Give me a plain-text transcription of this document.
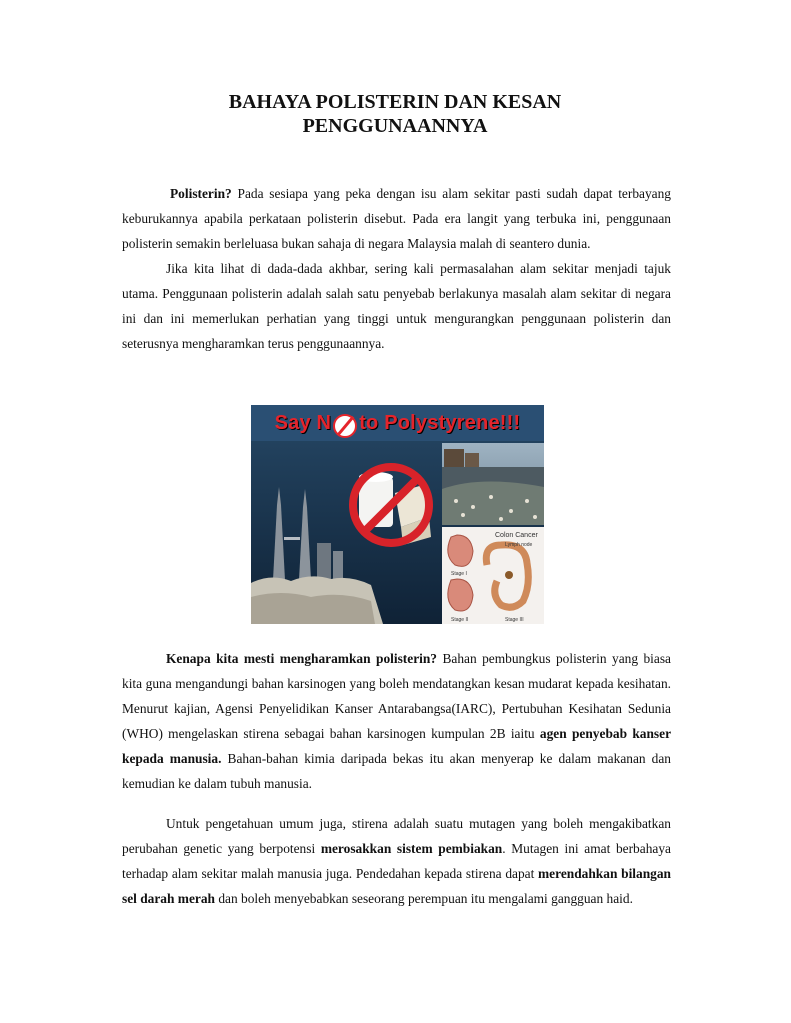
BAHAYA POLISTERIN DAN KESAN
PENGGUNAANNYA

Polisterin? Pada sesiapa yang peka dengan isu alam sekitar pasti sudah dapat terbayang keburukannya apabila perkataan polisterin disebut. Pada era langit yang terbuka ini, penggunaan polisterin semakin berleluasa bukan sahaja di negara Malaysia malah di seantero dunia.

Jika kita lihat di dada-dada akhbar, sering kali permasalahan alam sekitar menjadi tajuk utama. Penggunaan polisterin adalah salah satu penyebab berlakunya masalah alam sekitar di negara ini dan ini memerlukan perhatian yang tinggi untuk mengurangkan penggunaan polisterin dan seterusnya mengharamkan terus penggunaannya.

Colon Cancer
Lymph node
Stage I
Stage II	Stage III
Say N to Polystyrene!!!

Kenapa kita mesti mengharamkan polisterin? Bahan pembungkus polisterin yang biasa kita guna mengandungi bahan karsinogen yang boleh mendatangkan kesan mudarat kepada kesihatan. Menurut kajian, Agensi Penyelidikan Kanser Antarabangsa(IARC), Pertubuhan Kesihatan Sedunia (WHO) mengelaskan stirena sebagai bahan karsinogen kumpulan 2B iaitu agen penyebab kanser kepada manusia. Bahan-bahan kimia daripada bekas itu akan menyerap ke dalam makanan dan kemudian ke dalam tubuh manusia.

Untuk pengetahuan umum juga, stirena adalah suatu mutagen yang boleh mengakibatkan perubahan genetic yang berpotensi merosakkan sistem pembiakan. Mutagen ini amat berbahaya terhadap alam sekitar malah manusia juga. Pendedahan kepada stirena dapat merendahkan bilangan sel darah merah dan boleh menyebabkan seseorang perempuan itu mengalami gangguan haid.
